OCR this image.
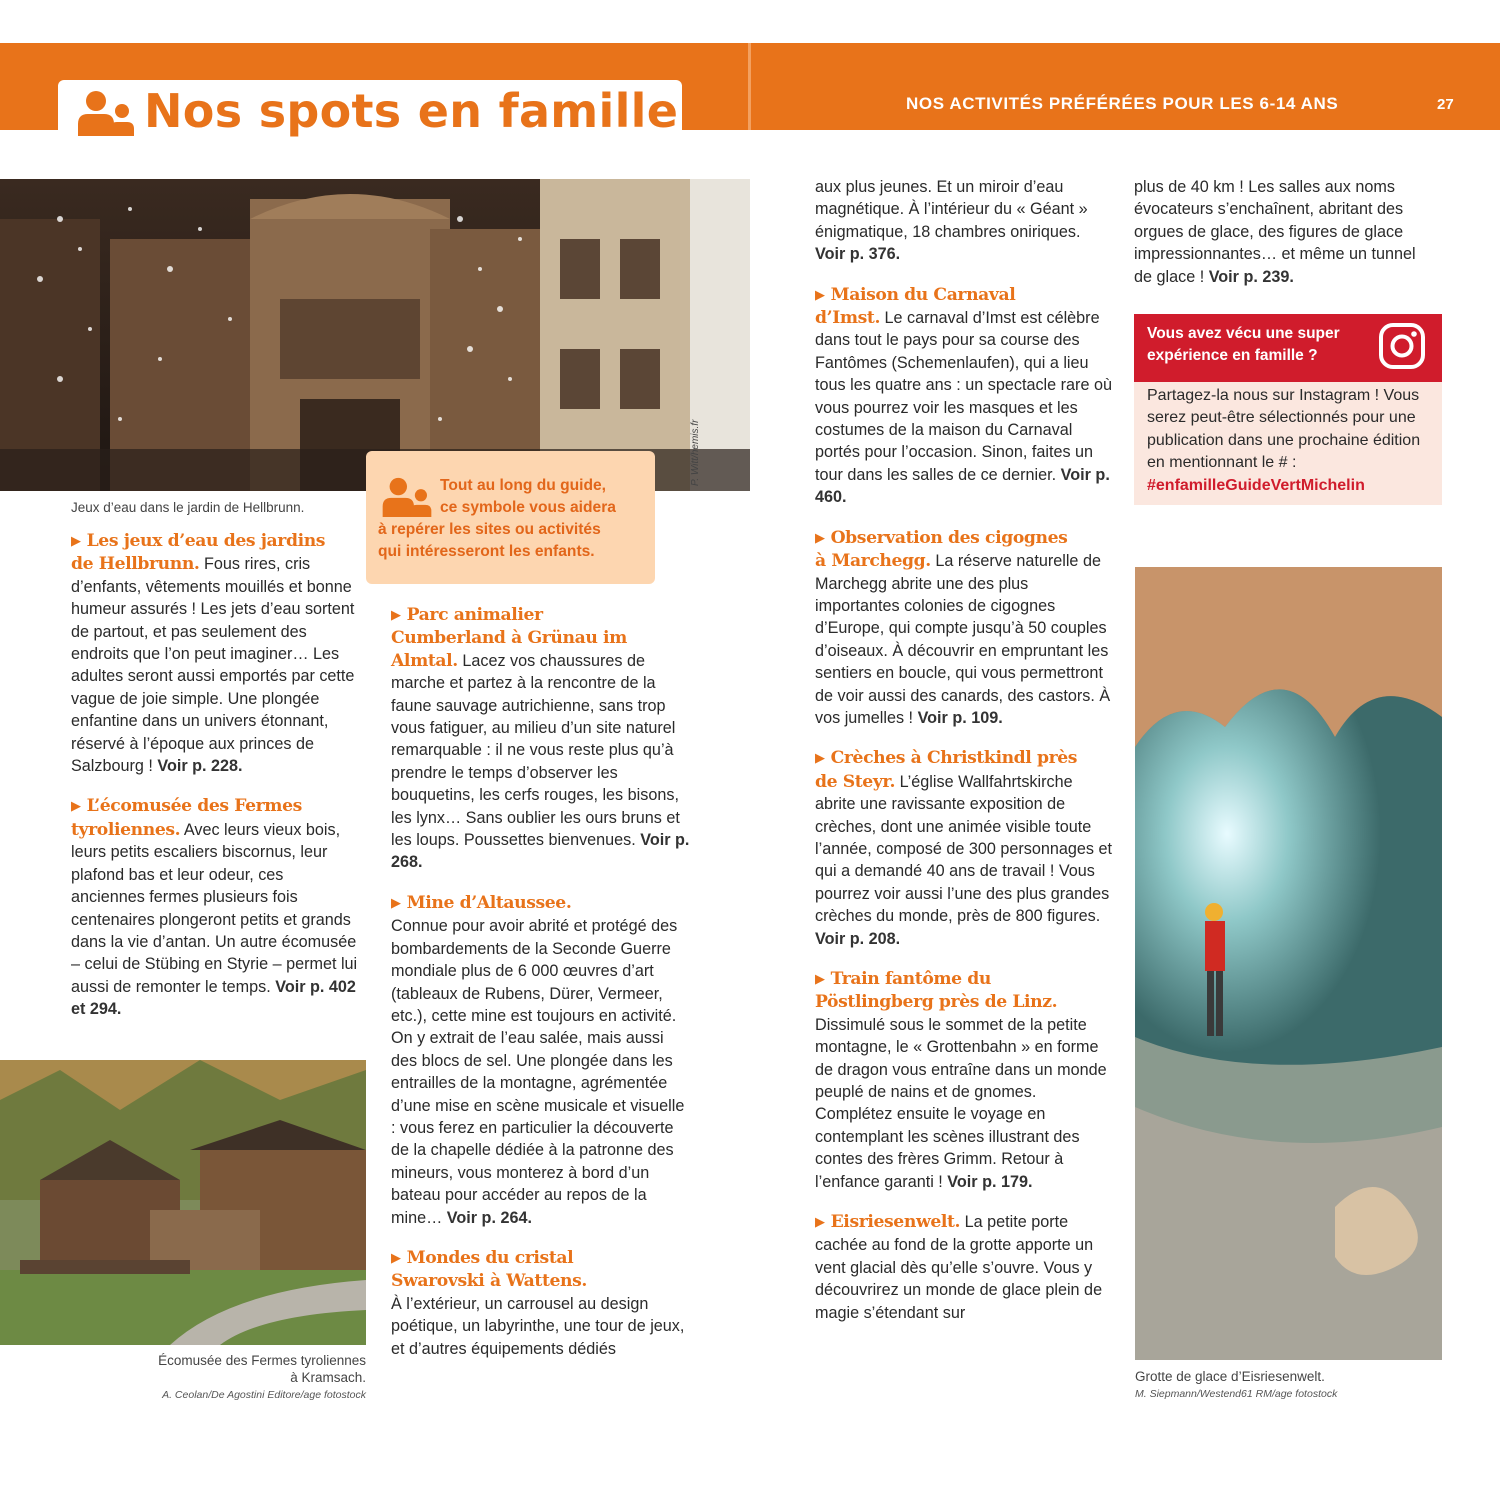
Nos spots en famille	NOS ACTIVITÉS PRÉFÉRÉES POUR LES 6-14 ANS	27
P. Witt/hemis.fr
Jeux d’eau dans le jardin de Hellbrunn.

Tout au long du guide,
ce symbole vous aidera
à repérer les sites ou activités
qui intéresseront les enfants.

▶ Les jeux d’eau des jardins
de Hellbrunn. Fous rires, cris d’enfants, vêtements mouillés et bonne humeur assurés ! Les jets d’eau sortent de partout, et pas seulement des endroits que l’on peut imaginer… Les adultes seront aussi emportés par cette vague de joie simple. Une plongée enfantine dans un univers étonnant, réservé à l’époque aux princes de Salzbourg ! Voir p. 228.

▶ L’écomusée des Fermes
tyroliennes. Avec leurs vieux bois, leurs petits escaliers biscornus, leur plafond bas et leur odeur, ces anciennes fermes plusieurs fois centenaires plongeront petits et grands dans la vie d’antan. Un autre écomusée – celui de Stübing en Styrie – permet lui aussi de remonter le temps. Voir p. 402 et 294.

Écomusée des Fermes tyroliennes
à Kramsach.
A. Ceolan/De Agostini Editore/age fotostock

▶ Parc animalier
Cumberland à Grünau im
Almtal. Lacez vos chaussures de marche et partez à la rencontre de la faune sauvage autrichienne, sans trop vous fatiguer, au milieu d’un site naturel remarquable : il ne vous reste plus qu’à prendre le temps d’observer les bouquetins, les cerfs rouges, les bisons, les lynx… Sans oublier les ours bruns et les loups. Poussettes bienvenues. Voir p. 268.

▶ Mine d’Altaussee.
Connue pour avoir abrité et protégé des bombardements de la Seconde Guerre mondiale plus de 6 000 œuvres d’art (tableaux de Rubens, Dürer, Vermeer, etc.), cette mine est toujours en activité. On y extrait de l’eau salée, mais aussi des blocs de sel. Une plongée dans les entrailles de la montagne, agrémentée d’une mise en scène musicale et visuelle : vous ferez en particulier la découverte de la chapelle dédiée à la patronne des mineurs, vous monterez à bord d’un bateau pour accéder au repos de la mine… Voir p. 264.

▶ Mondes du cristal
Swarovski à Wattens.
À l’extérieur, un carrousel au design poétique, un labyrinthe, une tour de jeux, et d’autres équipements dédiés

aux plus jeunes. Et un miroir d’eau magnétique. À l’intérieur du « Géant » énigmatique, 18 chambres oniriques. Voir p. 376.

▶ Maison du Carnaval
d’Imst. Le carnaval d’Imst est célèbre dans tout le pays pour sa course des Fantômes (Schemenlaufen), qui a lieu tous les quatre ans : un spectacle rare où vous pourrez voir les masques et les costumes de la maison du Carnaval portés pour l’occasion. Sinon, faites un tour dans les salles de ce dernier. Voir p. 460.

▶ Observation des cigognes
à Marchegg. La réserve naturelle de Marchegg abrite une des plus importantes colonies de cigognes d’Europe, qui compte jusqu’à 50 couples d’oiseaux. À découvrir en empruntant les sentiers en boucle, qui vous permettront de voir aussi des canards, des castors. À vos jumelles ! Voir p. 109.

▶ Crèches à Christkindl près
de Steyr. L’église Wallfahrtskirche abrite une ravissante exposition de crèches, dont une animée visible toute l’année, composé de 300 personnages et qui a demandé 40 ans de travail ! Vous pourrez voir aussi l’une des plus grandes crèches du monde, près de 800 figures. Voir p. 208.

▶ Train fantôme du
Pöstlingberg près de Linz.
Dissimulé sous le sommet de la petite montagne, le « Grottenbahn » en forme de dragon vous entraîne dans un monde peuplé de nains et de gnomes. Complétez ensuite le voyage en contemplant les scènes illustrant des contes des frères Grimm. Retour à l’enfance garanti ! Voir p. 179.

▶ Eisriesenwelt. La petite porte cachée au fond de la grotte apporte un vent glacial dès qu’elle s’ouvre. Vous y découvrirez un monde de glace plein de magie s’étendant sur

plus de 40 km ! Les salles aux noms évocateurs s’enchaînent, abritant des orgues de glace, des figures de glace impressionnantes… et même un tunnel de glace ! Voir p. 239.

Vous avez vécu une super
expérience en famille ?

Partagez-la nous sur Instagram ! Vous serez peut-être sélectionnés pour une publication dans une prochaine édition en mentionnant le # : #enfamilleGuideVertMichelin

Grotte de glace d’Eisriesenwelt.
M. Siepmann/Westend61 RM/age fotostock
